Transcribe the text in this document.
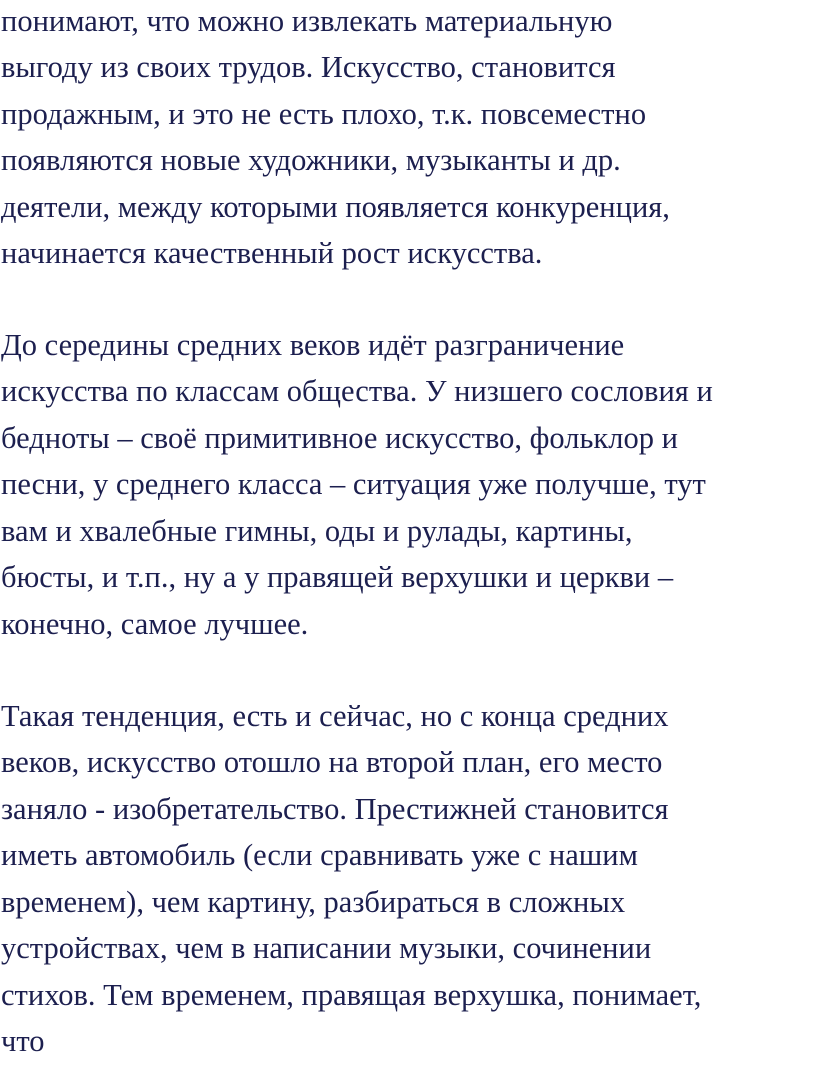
понимают, что можно извлекать материальную

выгоду из своих трудов. Искусство, становится

продажным, и это не есть плохо, т.к. повсеместно

появляются новые художники, музыканты и др.

деятели, между которыми появляется конкуренция,

начинается качественный рост искусства.

До середины средних веков идёт разграничение

искусства по классам общества. У низшего сословия и

бедноты – своё примитивное искусство, фольклор и

песни, у среднего класса – ситуация уже получше, тут

вам и хвалебные гимны, оды и рулады, картины,

бюсты, и т.п., ну а у правящей верхушки и церкви –

конечно, самое лучшее.

Такая тенденция, есть и сейчас, но с конца средних

веков, искусство отошло на второй план, его место

заняло - изобретательство. Престижней становится

иметь автомобиль (если сравнивать уже с нашим

временем), чем картину, разбираться в сложных

устройствах, чем в написании музыки, сочинении

стихов. Тем временем, правящая верхушка, понимает,

что
